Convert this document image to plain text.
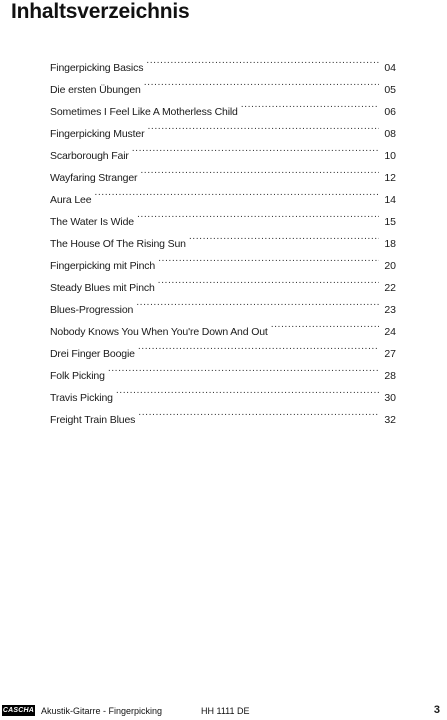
Inhaltsverzeichnis
Fingerpicking Basics . . .	04
Die ersten Übungen . . .	05
Sometimes I Feel Like A Motherless Child . . .	06
Fingerpicking Muster . . .	08
Scarborough Fair . . .	10
Wayfaring Stranger . . .	12
Aura Lee . . .	14
The Water Is Wide . . .	15
The House Of The Rising Sun . . .	18
Fingerpicking mit Pinch . . .	20
Steady Blues mit Pinch . . .	22
Blues-Progression . . .	23
Nobody Knows You When You're Down And Out . . .	24
Drei Finger Boogie . . .	27
Folk Picking . . .	28
Travis Picking . . .	30
Freight Train Blues . . .	32
CASCHA Akustik-Gitarre - Fingerpicking	HH 1111 DE	3
